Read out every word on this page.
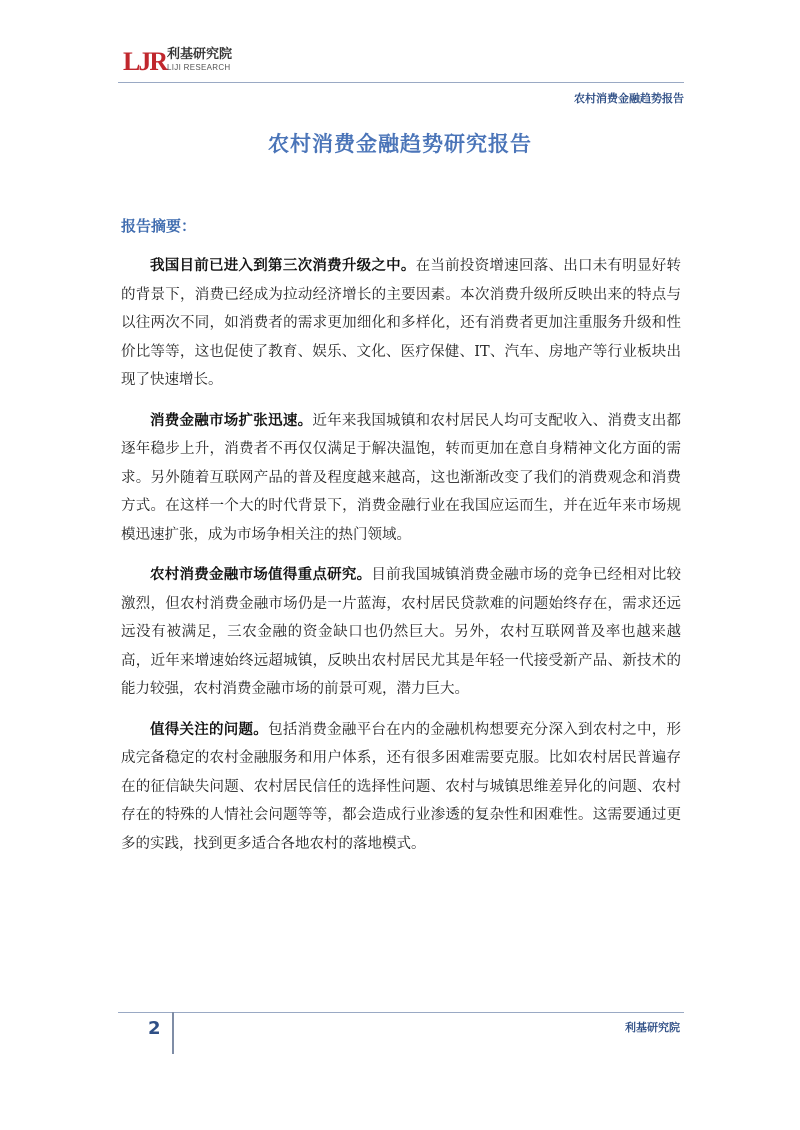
LJR 利基研究院
LIJI RESEARCH
农村消费金融趋势报告
农村消费金融趋势研究报告
报告摘要：

我国目前已进入到第三次消费升级之中。在当前投资增速回落、出口未有明显好转的背景下，消费已经成为拉动经济增长的主要因素。本次消费升级所反映出来的特点与以往两次不同，如消费者的需求更加细化和多样化，还有消费者更加注重服务升级和性价比等等，这也促使了教育、娱乐、文化、医疗保健、IT、汽车、房地产等行业板块出现了快速增长。

消费金融市场扩张迅速。近年来我国城镇和农村居民人均可支配收入、消费支出都逐年稳步上升，消费者不再仅仅满足于解决温饱，转而更加在意自身精神文化方面的需求。另外随着互联网产品的普及程度越来越高，这也渐渐改变了我们的消费观念和消费方式。在这样一个大的时代背景下，消费金融行业在我国应运而生，并在近年来市场规模迅速扩张，成为市场争相关注的热门领域。

农村消费金融市场值得重点研究。目前我国城镇消费金融市场的竞争已经相对比较激烈，但农村消费金融市场仍是一片蓝海，农村居民贷款难的问题始终存在，需求还远远没有被满足，三农金融的资金缺口也仍然巨大。另外，农村互联网普及率也越来越高，近年来增速始终远超城镇，反映出农村居民尤其是年轻一代接受新产品、新技术的能力较强，农村消费金融市场的前景可观，潜力巨大。

值得关注的问题。包括消费金融平台在内的金融机构想要充分深入到农村之中，形成完备稳定的农村金融服务和用户体系，还有很多困难需要克服。比如农村居民普遍存在的征信缺失问题、农村居民信任的选择性问题、农村与城镇思维差异化的问题、农村存在的特殊的人情社会问题等等，都会造成行业渗透的复杂性和困难性。这需要通过更多的实践，找到更多适合各地农村的落地模式。

2	利基研究院
